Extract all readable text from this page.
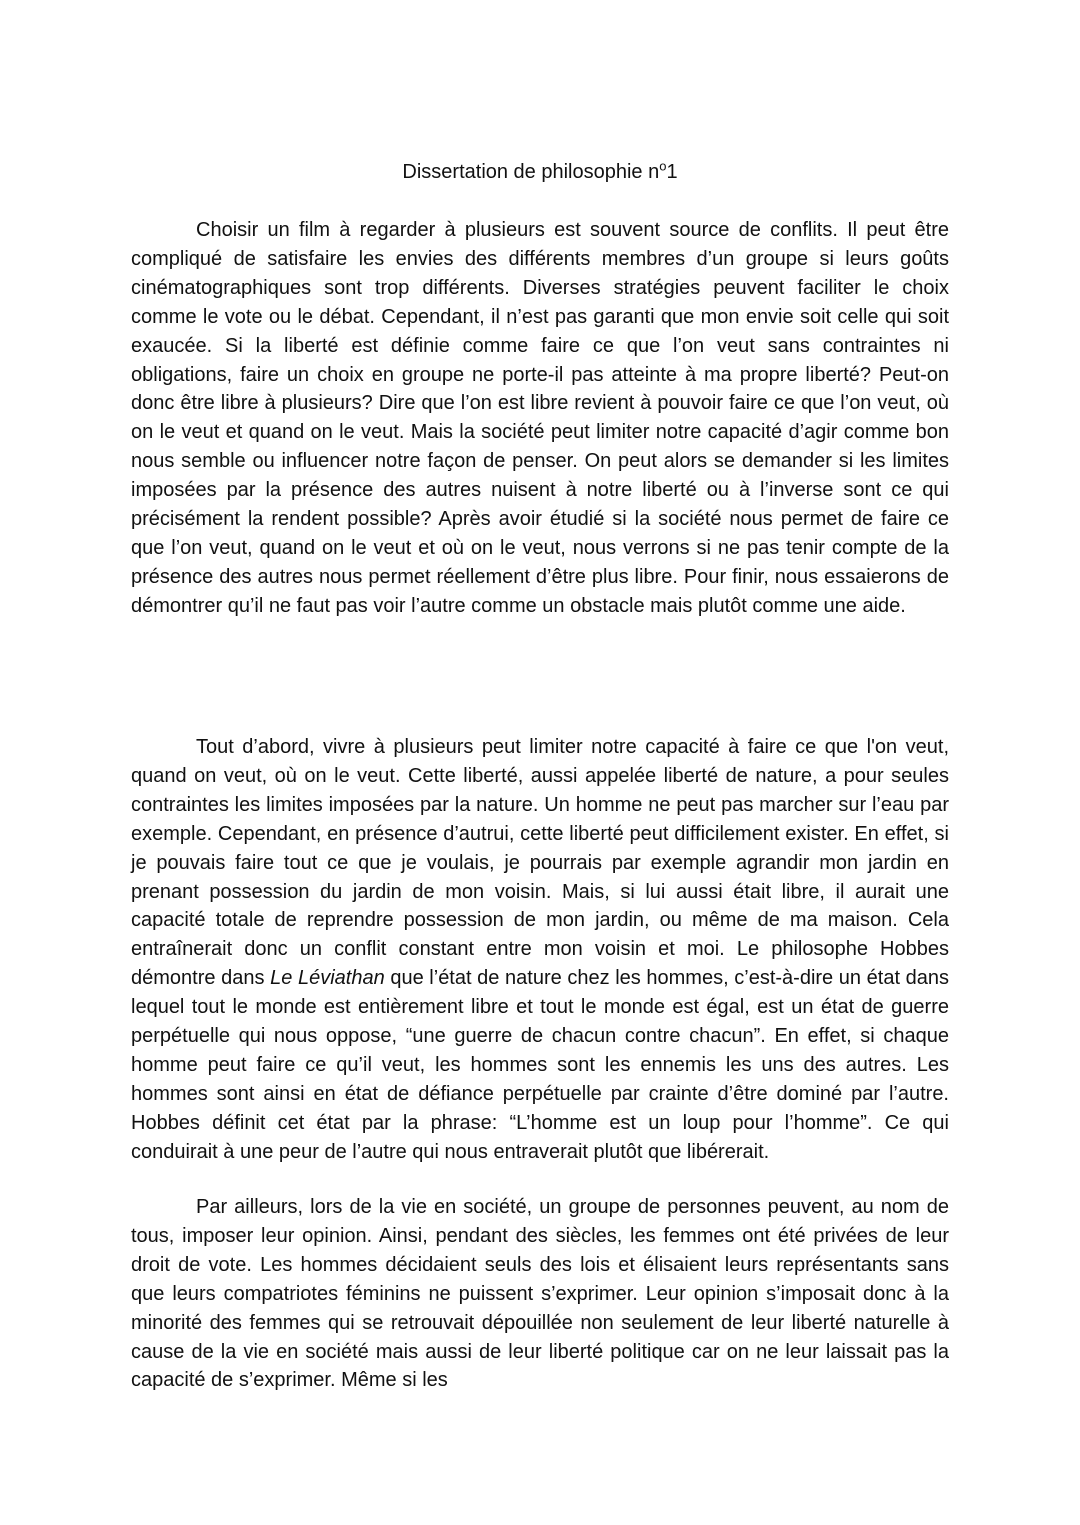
Dissertation de philosophie $n^o1$

Choisir un film à regarder à plusieurs est souvent source de conflits. Il peut être compliqué de satisfaire les envies des différents membres d’un groupe si leurs goûts cinématographiques sont trop différents. Diverses stratégies peuvent faciliter le choix comme le vote ou le débat. Cependant, il n’est pas garanti que mon envie soit celle qui soit exaucée. Si la liberté est définie comme faire ce que l’on veut sans contraintes ni obligations, faire un choix en groupe ne porte-il pas atteinte à ma propre liberté? Peut-on donc être libre à plusieurs? Dire que l’on est libre revient à pouvoir faire ce que l’on veut, où on le veut et quand on le veut. Mais la société peut limiter notre capacité d’agir comme bon nous semble ou influencer notre façon de penser. On peut alors se demander si les limites imposées par la présence des autres nuisent à notre liberté ou à l’inverse sont ce qui précisément la rendent possible? Après avoir étudié si la société nous permet de faire ce que l’on veut, quand on le veut et où on le veut, nous verrons si ne pas tenir compte de la présence des autres nous permet réellement d’être plus libre. Pour finir, nous essaierons de démontrer qu’il ne faut pas voir l’autre comme un obstacle mais plutôt comme une aide.

Tout d’abord, vivre à plusieurs peut limiter notre capacité à faire ce que l'on veut, quand on veut, où on le veut. Cette liberté, aussi appelée liberté de nature, a pour seules contraintes les limites imposées par la nature. Un homme ne peut pas marcher sur l’eau par exemple. Cependant, en présence d’autrui, cette liberté peut difficilement exister. En effet, si je pouvais faire tout ce que je voulais, je pourrais par exemple agrandir mon jardin en prenant possession du jardin de mon voisin. Mais, si lui aussi était libre, il aurait une capacité totale de reprendre possession de mon jardin, ou même de ma maison. Cela entraînerait donc un conflit constant entre mon voisin et moi. Le philosophe Hobbes démontre dans Le Léviathan que l’état de nature chez les hommes, c’est-à-dire un état dans lequel tout le monde est entièrement libre et tout le monde est égal, est un état de guerre perpétuelle qui nous oppose, “une guerre de chacun contre chacun”. En effet, si chaque homme peut faire ce qu’il veut, les hommes sont les ennemis les uns des autres. Les hommes sont ainsi en état de défiance perpétuelle par crainte d’être dominé par l’autre. Hobbes définit cet état par la phrase: “L’homme est un loup pour l’homme”. Ce qui conduirait à une peur de l’autre qui nous entraverait plutôt que libérerait.

Par ailleurs, lors de la vie en société, un groupe de personnes peuvent, au nom de tous, imposer leur opinion. Ainsi, pendant des siècles, les femmes ont été privées de leur droit de vote. Les hommes décidaient seuls des lois et élisaient leurs représentants sans que leurs compatriotes féminins ne puissent s’exprimer. Leur opinion s’imposait donc à la minorité des femmes qui se retrouvait dépouillée non seulement de leur liberté naturelle à cause de la vie en société mais aussi de leur liberté politique car on ne leur laissait pas la capacité de s’exprimer. Même si les
